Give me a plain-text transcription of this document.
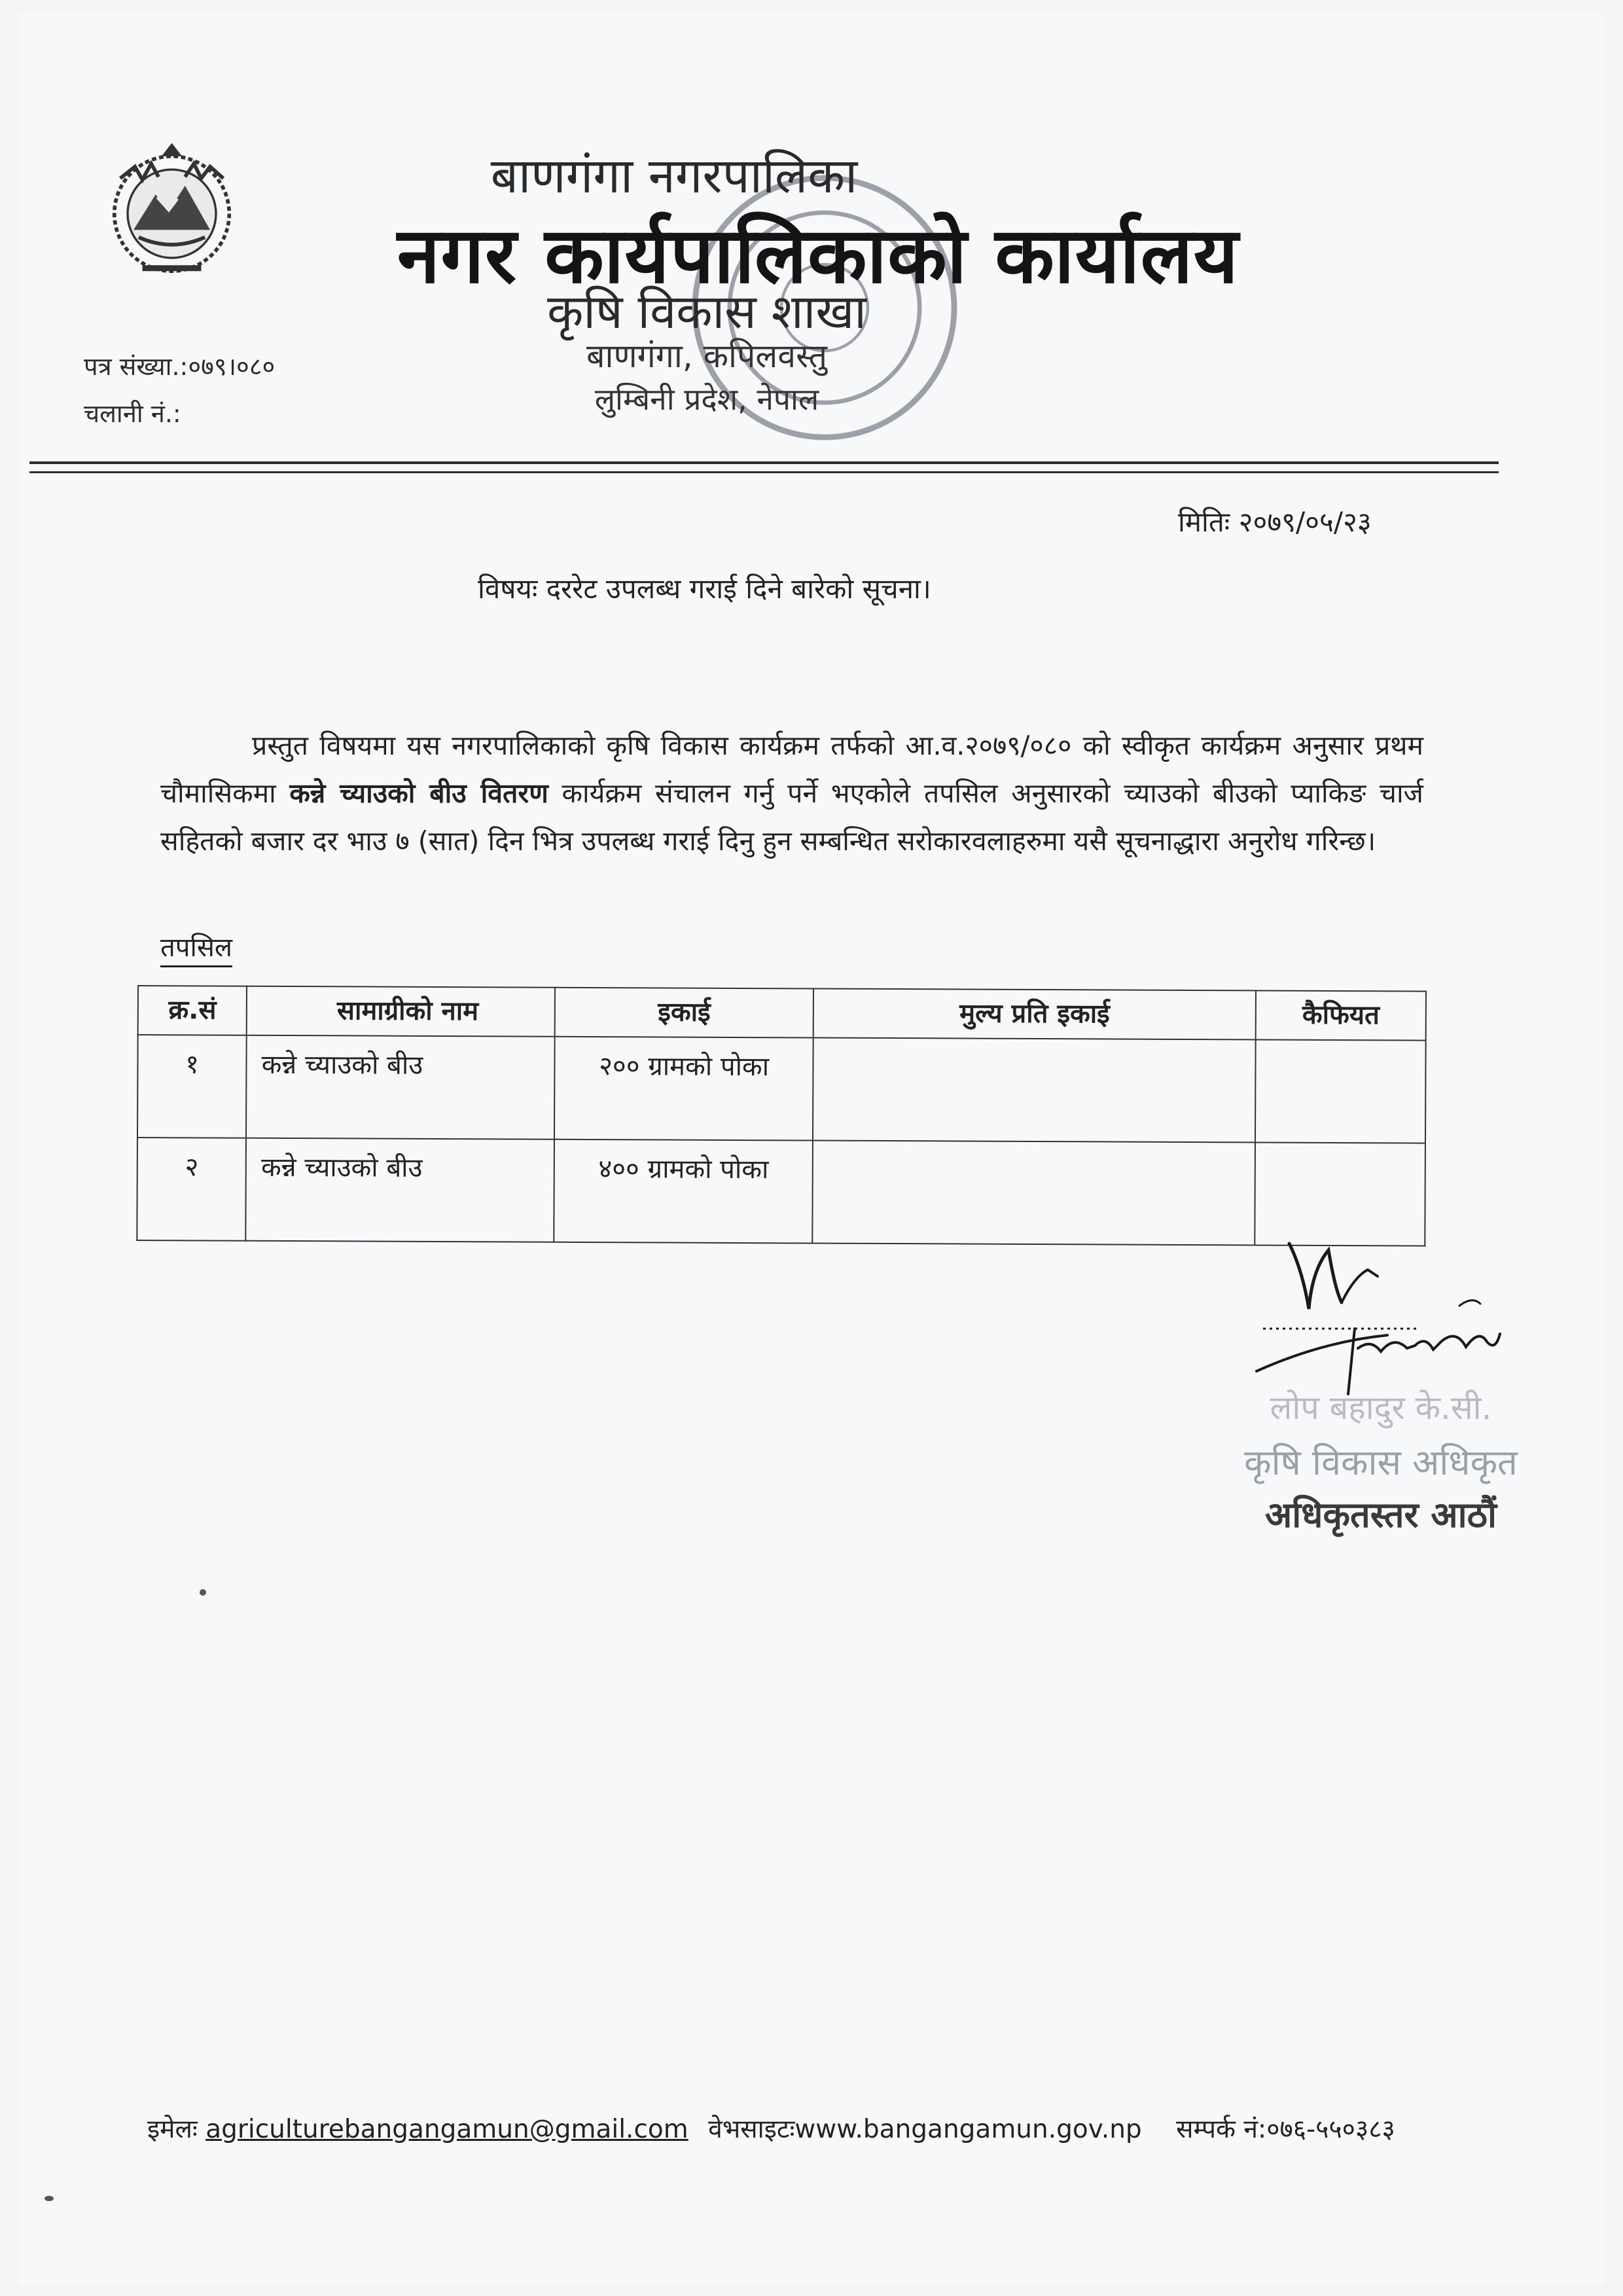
बाणगंगा नगरपालिका
नगर कार्यपालिकाको कार्यालय
कृषि विकास शाखा
बाणगंगा, कपिलवस्तु
लुम्बिनी प्रदेश, नेपाल
पत्र संख्या.:०७९।०८०
चलानी नं.:
मितिः २०७९/०५/२३
विषयः दररेट उपलब्ध गराई दिने बारेको सूचना।
प्रस्तुत विषयमा यस नगरपालिकाको कृषि विकास कार्यक्रम तर्फको आ.व.२०७९/०८० को स्वीकृत कार्यक्रम अनुसार प्रथम चौमासिकमा कन्ने च्याउको बीउ वितरण कार्यक्रम संचालन गर्नु पर्ने भएकोले तपसिल अनुसारको च्याउको बीउको प्याकिङ चार्ज सहितको बजार दर भाउ ७ (सात) दिन भित्र उपलब्ध गराई दिनु हुन सम्बन्धित सरोकारवलाहरुमा यसै सूचनाद्धारा अनुरोध गरिन्छ।
तपसिल
क्र.सं	सामाग्रीको नाम	इकाई	मुल्य प्रति इकाई	कैफियत
१	कन्ने च्याउको बीउ	२०० ग्रामको पोका		
२	कन्ने च्याउको बीउ	४०० ग्रामको पोका		
लोप बहादुर के.सी.
कृषि विकास अधिकृत
अधिकृतस्तर आठौं
इमेलः agriculturebangangamun@gmail.com वेभसाइटःwww.bangangamun.gov.np सम्पर्क नं:०७६-५५०३८३
